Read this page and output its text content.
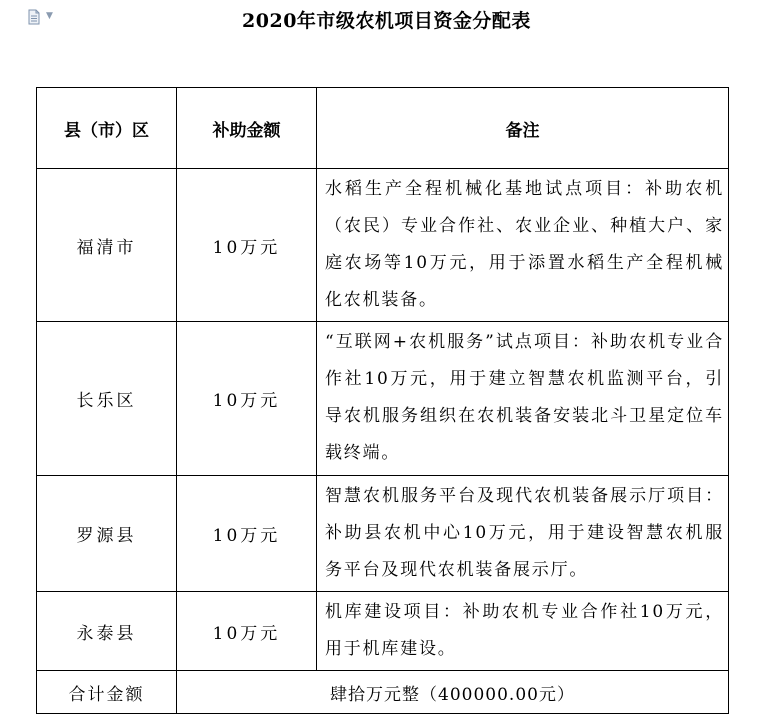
▼	2020年市级农机项目资金分配表
县（市）区	补助金额	备注
福清市	10万元	水稻生产全程机械化基地试点项目：补助农机（农民）专业合作社、农业企业、种植大户、家庭农场等10万元，用于添置水稻生产全程机械化农机装备。
长乐区	10万元	“互联网+农机服务”试点项目：补助农机专业合作社10万元，用于建立智慧农机监测平台，引导农机服务组织在农机装备安装北斗卫星定位车载终端。
罗源县	10万元	智慧农机服务平台及现代农机装备展示厅项目：补助县农机中心10万元，用于建设智慧农机服务平台及现代农机装备展示厅。
永泰县	10万元	机库建设项目：补助农机专业合作社10万元，用于机库建设。
合计金额	肆拾万元整（400000.00元）	
